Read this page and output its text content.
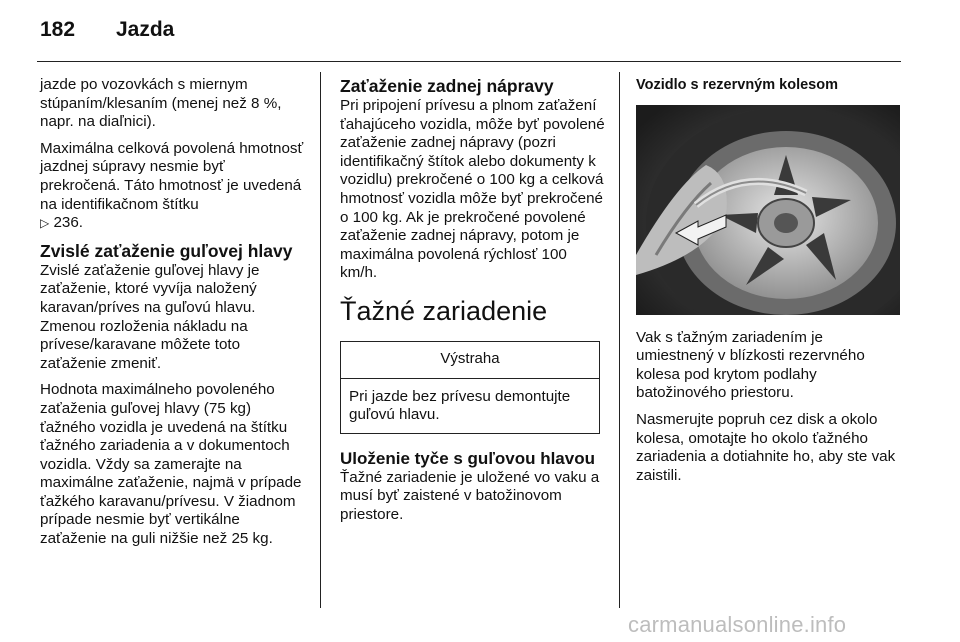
182 Jazda

jazde po vozovkách s miernym stúpaním/klesaním (menej než 8 %, napr. na diaľnici).

Maximálna celková povolená hmotnosť jazdnej súpravy nesmie byť prekročená. Táto hmotnosť je uvedená na identifikačnom štítku
▷ 236.

Zvislé zaťaženie guľovej hlavy

Zvislé zaťaženie guľovej hlavy je zaťaženie, ktoré vyvíja naložený karavan/príves na guľovú hlavu. Zmenou rozloženia nákladu na prívese/karavane môžete toto zaťaženie zmeniť.

Hodnota maximálneho povoleného zaťaženia guľovej hlavy (75 kg) ťažného vozidla je uvedená na štítku ťažného zariadenia a v dokumentoch vozidla. Vždy sa zamerajte na maximálne zaťaženie, najmä v prípade ťažkého karavanu/prívesu. V žiadnom prípade nesmie byť vertikálne zaťaženie na guli nižšie než 25 kg.

Zaťaženie zadnej nápravy

Pri pripojení prívesu a plnom zaťažení ťahajúceho vozidla, môže byť povolené zaťaženie zadnej nápravy (pozri identifikačný štítok alebo dokumenty k vozidlu) prekročené o 100 kg a celková hmotnosť vozidla môže byť prekročené o 100 kg. Ak je prekročené povolené zaťaženie zadnej nápravy, potom je maximálna povolená rýchlosť 100 km/h.

Ťažné zariadenie
Výstraha
Pri jazde bez prívesu demontujte guľovú hlavu.
Uloženie tyče s guľovou hlavou

Ťažné zariadenie je uložené vo vaku a musí byť zaistené v batožinovom priestore.

Vozidlo s rezervným kolesom

Vak s ťažným zariadením je umiestnený v blízkosti rezervného kolesa pod krytom podlahy batožinového priestoru.

Nasmerujte popruh cez disk a okolo kolesa, omotajte ho okolo ťažného zariadenia a dotiahnite ho, aby ste vak zaistili.

carmanualsonline.info
